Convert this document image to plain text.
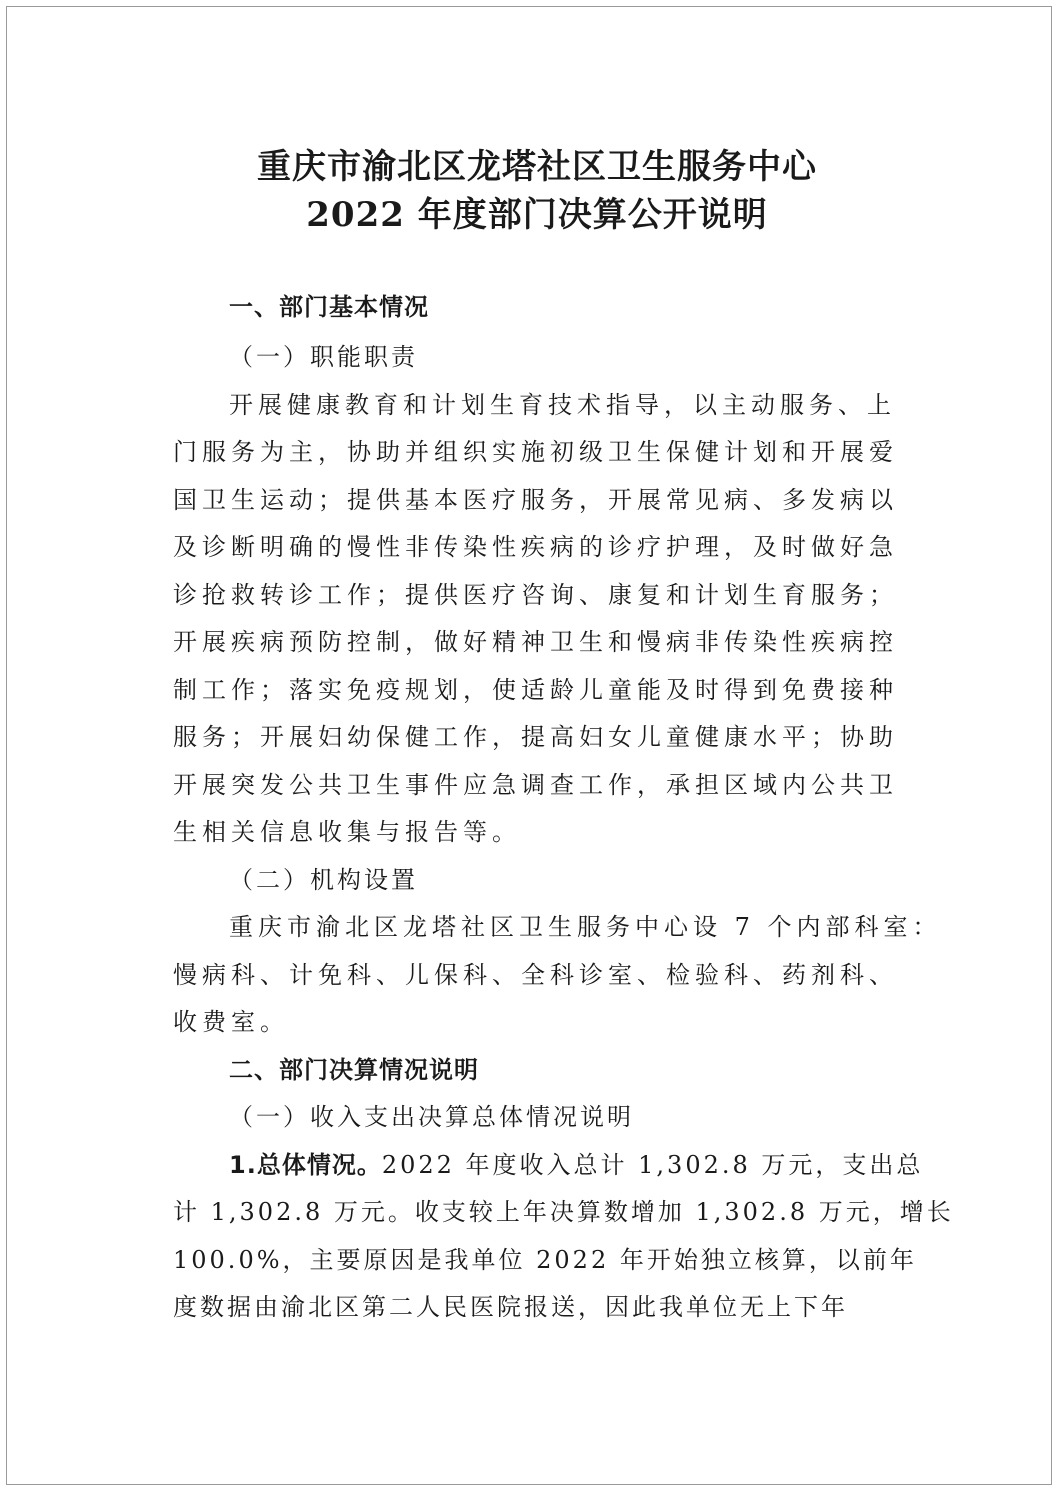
重庆市渝北区龙塔社区卫生服务中心
2022 年度部门决算公开说明
一、部门基本情况
（一）职能职责
开展健康教育和计划生育技术指导，以主动服务、上
门服务为主，协助并组织实施初级卫生保健计划和开展爱
国卫生运动；提供基本医疗服务，开展常见病、多发病以
及诊断明确的慢性非传染性疾病的诊疗护理，及时做好急
诊抢救转诊工作；提供医疗咨询、康复和计划生育服务；
开展疾病预防控制，做好精神卫生和慢病非传染性疾病控
制工作；落实免疫规划，使适龄儿童能及时得到免费接种
服务；开展妇幼保健工作，提高妇女儿童健康水平；协助
开展突发公共卫生事件应急调查工作，承担区域内公共卫
生相关信息收集与报告等。
（二）机构设置
重庆市渝北区龙塔社区卫生服务中心设 7 个内部科室：
慢病科、计免科、儿保科、全科诊室、检验科、药剂科、
收费室。
二、部门决算情况说明
（一）收入支出决算总体情况说明
1.总体情况。2022 年度收入总计 1,302.8 万元，支出总
计 1,302.8 万元。收支较上年决算数增加 1,302.8 万元，增长
100.0%，主要原因是我单位 2022 年开始独立核算，以前年
度数据由渝北区第二人民医院报送，因此我单位无上下年
